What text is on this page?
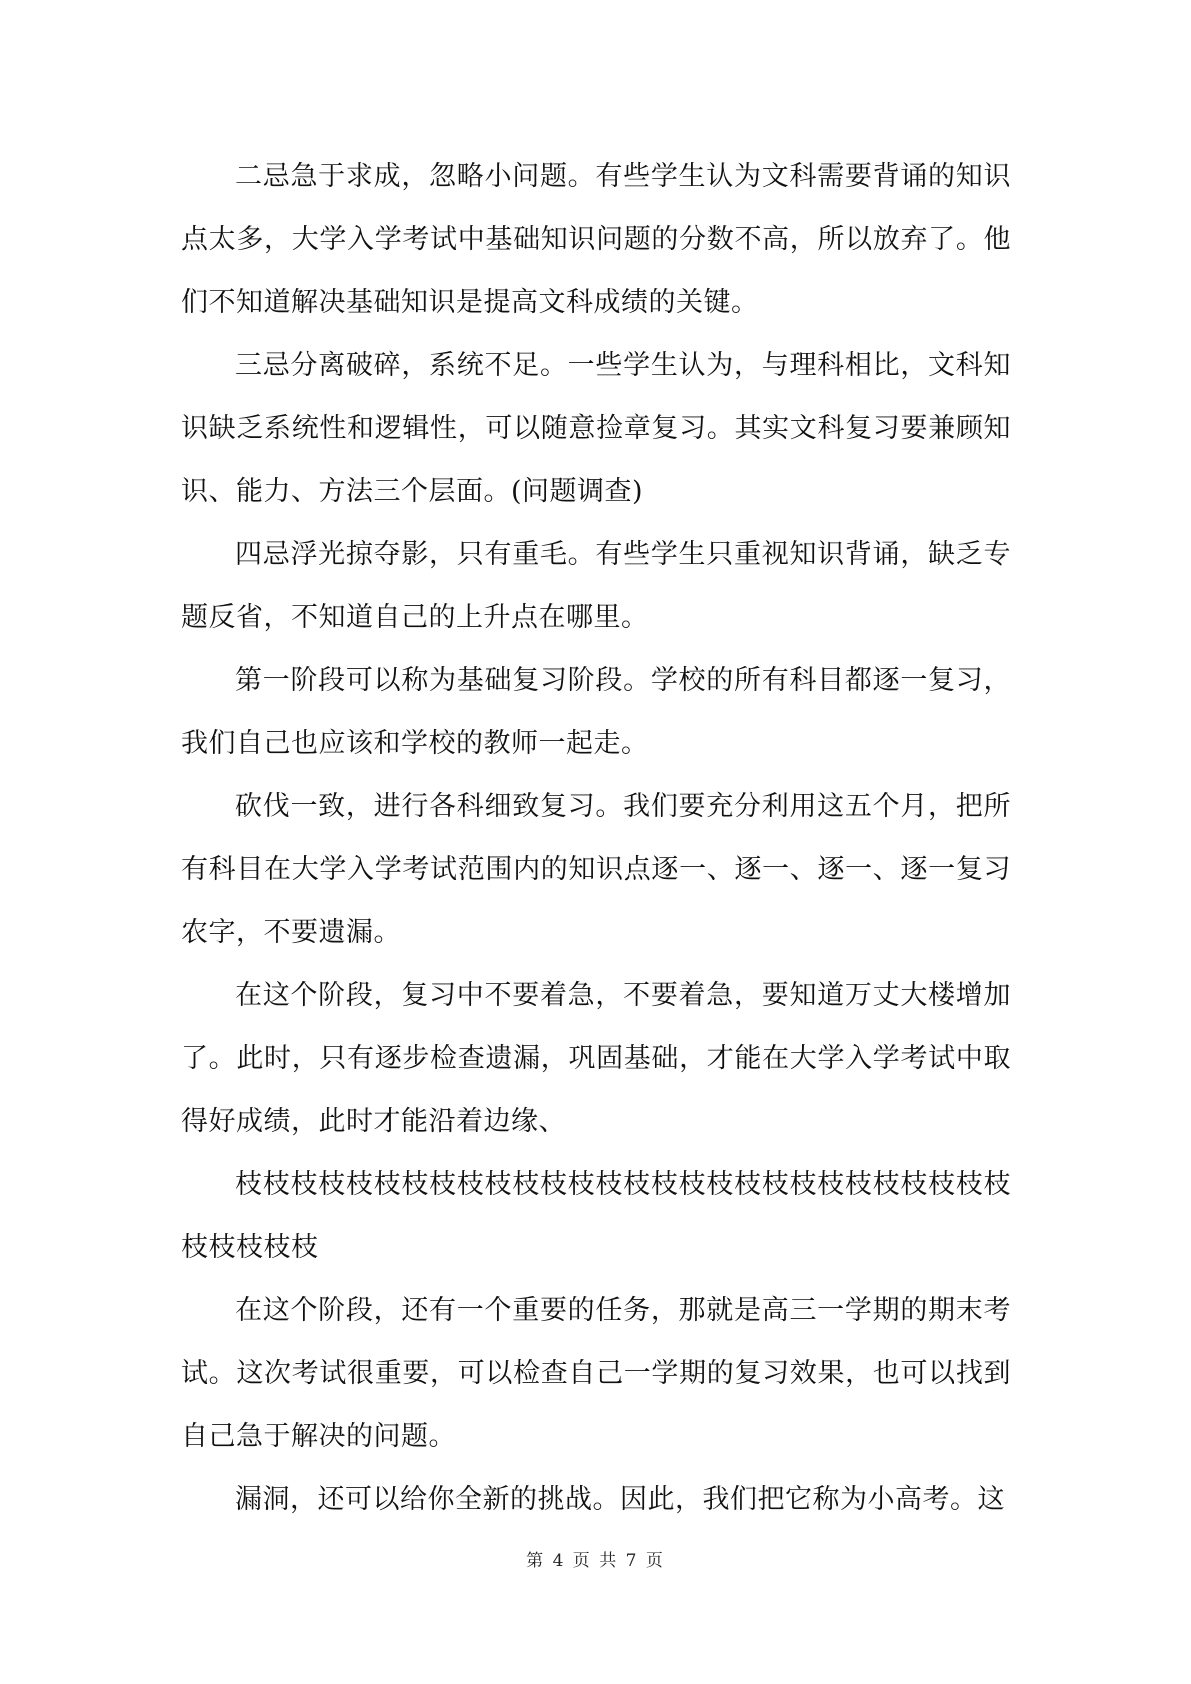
二忌急于求成，忽略小问题。有些学生认为文科需要背诵的知识点太多，大学入学考试中基础知识问题的分数不高，所以放弃了。他们不知道解决基础知识是提高文科成绩的关键。

三忌分离破碎，系统不足。一些学生认为，与理科相比，文科知识缺乏系统性和逻辑性，可以随意捡章复习。其实文科复习要兼顾知识、能力、方法三个层面。(问题调查)

四忌浮光掠夺影，只有重毛。有些学生只重视知识背诵，缺乏专题反省，不知道自己的上升点在哪里。

第一阶段可以称为基础复习阶段。学校的所有科目都逐一复习，我们自己也应该和学校的教师一起走。

砍伐一致，进行各科细致复习。我们要充分利用这五个月，把所有科目在大学入学考试范围内的知识点逐一、逐一、逐一、逐一复习农字，不要遗漏。

在这个阶段，复习中不要着急，不要着急，要知道万丈大楼增加了。此时，只有逐步检查遗漏，巩固基础，才能在大学入学考试中取得好成绩，此时才能沿着边缘、

枝枝枝枝枝枝枝枝枝枝枝枝枝枝枝枝枝枝枝枝枝枝枝枝枝枝枝枝枝枝枝枝枝

在这个阶段，还有一个重要的任务，那就是高三一学期的期末考试。这次考试很重要，可以检查自己一学期的复习效果，也可以找到自己急于解决的问题。

漏洞，还可以给你全新的挑战。因此，我们把它称为小高考。这

第 4 页 共 7 页
